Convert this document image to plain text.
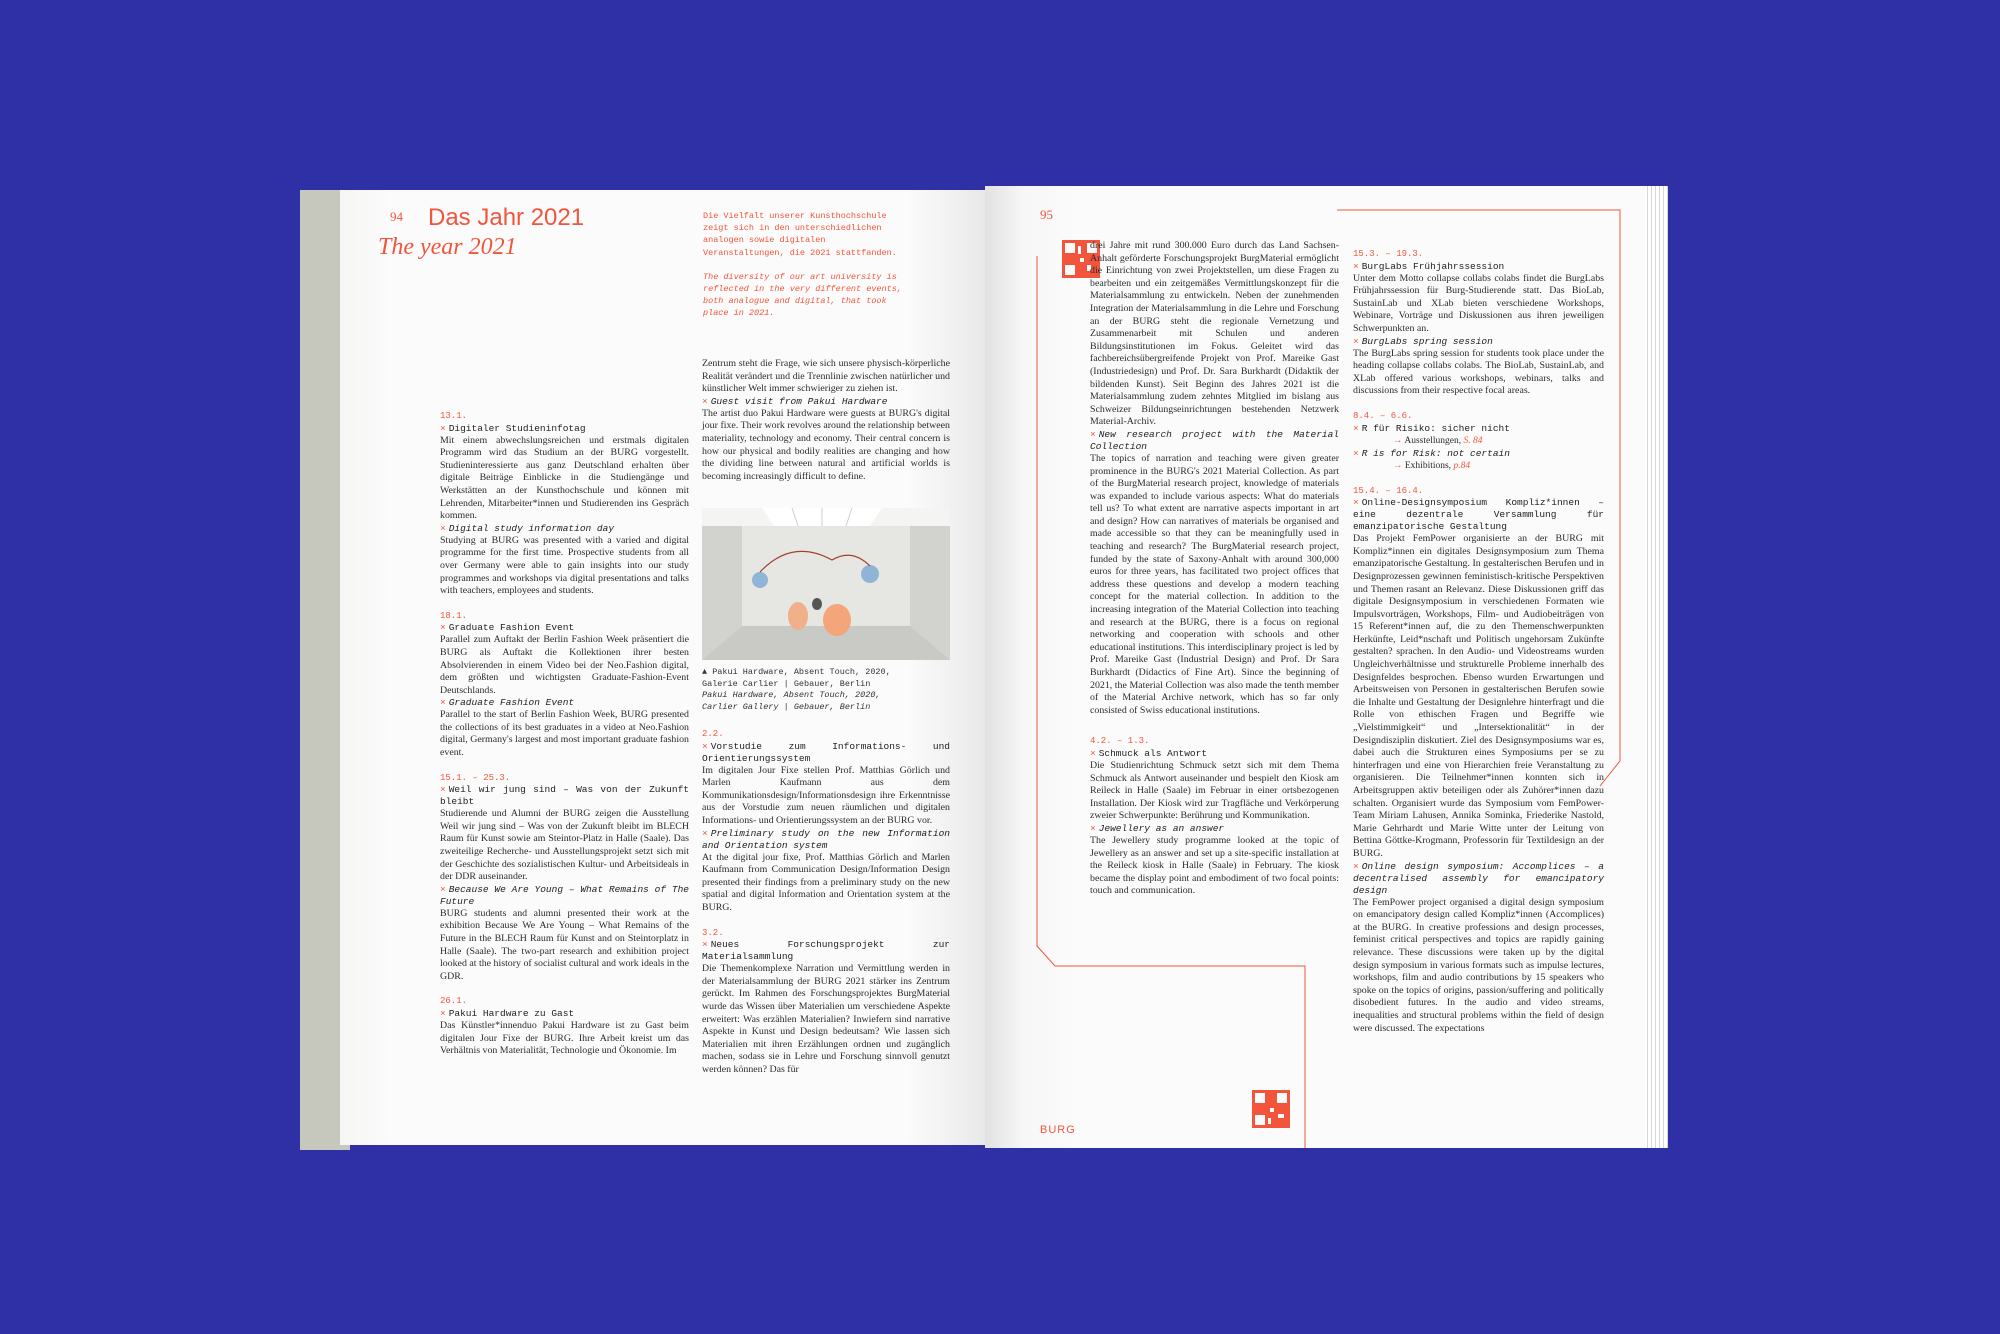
94 Das Jahr 2021
The year 2021

Die Vielfalt unserer Kunsthochschule zeigt sich in den unterschiedlichen analogen sowie digitalen Veranstaltungen, die 2021 stattfanden.

The diversity of our art university is reflected in the very different events, both analogue and digital, that took place in 2021.

13.1.
× Digitaler Studieninfotag
Mit einem abwechslungsreichen und erstmals digitalen Programm wird das Studium an der BURG vorgestellt. Studieninteressierte aus ganz Deutschland erhalten über digitale Beiträge Einblicke in die Studiengänge und Werkstätten an der Kunsthochschule und können mit Lehrenden, Mitarbeiter*innen und Studierenden ins Gespräch kommen.
× Digital study information day
Studying at BURG was presented with a varied and digital programme for the first time. Prospective students from all over Germany were able to gain insights into our study programmes and workshops via digital presentations and talks with teachers, employees and students.
18.1.
× Graduate Fashion Event
Parallel zum Auftakt der Berlin Fashion Week präsentiert die BURG als Auftakt die Kollektionen ihrer besten Absolvierenden in einem Video bei der Neo.Fashion digital, dem größten und wichtigsten Graduate-Fashion-Event Deutschlands.
× Graduate Fashion Event
Parallel to the start of Berlin Fashion Week, BURG presented the collections of its best graduates in a video at Neo.Fashion digital, Germany's largest and most important graduate fashion event.
15.1. – 25.3.
× Weil wir jung sind – Was von der Zukunft bleibt
Studierende und Alumni der BURG zeigen die Ausstellung Weil wir jung sind – Was von der Zukunft bleibt im BLECH Raum für Kunst sowie am Steintor-Platz in Halle (Saale). Das zweiteilige Recherche- und Ausstellungsprojekt setzt sich mit der Geschichte des sozialistischen Kultur- und Arbeitsideals in der DDR auseinander.
× Because We Are Young – What Remains of The Future
BURG students and alumni presented their work at the exhibition Because We Are Young – What Remains of the Future in the BLECH Raum für Kunst and on Steintorplatz in Halle (Saale). The two-part research and exhibition project looked at the history of socialist cultural and work ideals in the GDR.
26.1.
× Pakui Hardware zu Gast
Das Künstler*innenduo Pakui Hardware ist zu Gast beim digitalen Jour Fixe der BURG. Ihre Arbeit kreist um das Verhältnis von Materialität, Technologie und Ökonomie. Im
Zentrum steht die Frage, wie sich unsere physisch-körperliche Realität verändert und die Trennlinie zwischen natürlicher und künstlicher Welt immer schwieriger zu ziehen ist.
× Guest visit from Pakui Hardware
The artist duo Pakui Hardware were guests at BURG's digital jour fixe. Their work revolves around the relationship between materiality, technology and economy. Their central concern is how our physical and bodily realities are changing and how the dividing line between natural and artificial worlds is becoming increasingly difficult to define.
▲ Pakui Hardware, Absent Touch, 2020,
Galerie Carlier | Gebauer, Berlin
Pakui Hardware, Absent Touch, 2020,
Carlier Gallery | Gebauer, Berlin
2.2.
× Vorstudie zum Informations- und Orientierungssystem
Im digitalen Jour Fixe stellen Prof. Matthias Görlich und Marlen Kaufmann aus dem Kommunikationsdesign/Informationsdesign ihre Erkenntnisse aus der Vorstudie zum neuen räumlichen und digitalen Informations- und Orientierungssystem an der BURG vor.
× Preliminary study on the new Information and Orientation system
At the digital jour fixe, Prof. Matthias Görlich and Marlen Kaufmann from Communication Design/Information Design presented their findings from a preliminary study on the new spatial and digital Information and Orientation system at the BURG.
3.2.
× Neues Forschungsprojekt zur Materialsammlung
Die Themenkomplexe Narration und Vermittlung werden in der Materialsammlung der BURG 2021 stärker ins Zentrum gerückt. Im Rahmen des Forschungsprojektes BurgMaterial wurde das Wissen über Materialien um verschiedene Aspekte erweitert: Was erzählen Materialien? Inwiefern sind narrative Aspekte in Kunst und Design bedeutsam? Wie lassen sich Materialien mit ihren Erzählungen ordnen und zugänglich machen, sodass sie in Lehre und Forschung sinnvoll genutzt werden können? Das für
95
BURG
drei Jahre mit rund 300.000 Euro durch das Land Sachsen-Anhalt geförderte Forschungsprojekt BurgMaterial ermöglicht die Einrichtung von zwei Projektstellen, um diese Fragen zu bearbeiten und ein zeitgemäßes Vermittlungskonzept für die Materialsammlung zu entwickeln. Neben der zunehmenden Integration der Materialsammlung in die Lehre und Forschung an der BURG steht die regionale Vernetzung und Zusammenarbeit mit Schulen und anderen Bildungsinstitutionen im Fokus. Geleitet wird das fachbereichsübergreifende Projekt von Prof. Mareike Gast (Industriedesign) und Prof. Dr. Sara Burkhardt (Didaktik der bildenden Kunst). Seit Beginn des Jahres 2021 ist die Materialsammlung zudem zehntes Mitglied im bislang aus Schweizer Bildungseinrichtungen bestehenden Netzwerk Material-Archiv.
× New research project with the Material Collection
The topics of narration and teaching were given greater prominence in the BURG's 2021 Material Collection. As part of the BurgMaterial research project, knowledge of materials was expanded to include various aspects: What do materials tell us? To what extent are narrative aspects important in art and design? How can narratives of materials be organised and made accessible so that they can be meaningfully used in teaching and research? The BurgMaterial research project, funded by the state of Saxony-Anhalt with around 300,000 euros for three years, has facilitated two project offices that address these questions and develop a modern teaching concept for the material collection. In addition to the increasing integration of the Material Collection into teaching and research at the BURG, there is a focus on regional networking and cooperation with schools and other educational institutions. This interdisciplinary project is led by Prof. Mareike Gast (Industrial Design) and Prof. Dr Sara Burkhardt (Didactics of Fine Art). Since the beginning of 2021, the Material Collection was also made the tenth member of the Material Archive network, which has so far only consisted of Swiss educational institutions.
4.2. – 1.3.
× Schmuck als Antwort
Die Studienrichtung Schmuck setzt sich mit dem Thema Schmuck als Antwort auseinander und bespielt den Kiosk am Reileck in Halle (Saale) im Februar in einer ortsbezogenen Installation. Der Kiosk wird zur Tragfläche und Verkörperung zweier Schwerpunkte: Berührung und Kommunikation.
× Jewellery as an answer
The Jewellery study programme looked at the topic of Jewellery as an answer and set up a site-specific installation at the Reileck kiosk in Halle (Saale) in February. The kiosk became the display point and embodiment of two focal points: touch and communication.
15.3. – 19.3.
× BurgLabs Frühjahrssession
Unter dem Motto collapse collabs colabs findet die BurgLabs Frühjahrssession für Burg-Studierende statt. Das BioLab, SustainLab und XLab bieten verschiedene Workshops, Webinare, Vorträge und Diskussionen aus ihren jeweiligen Schwerpunkten an.
× BurgLabs spring session
The BurgLabs spring session for students took place under the heading collapse collabs colabs. The BioLab, SustainLab, and XLab offered various workshops, webinars, talks and discussions from their respective focal areas.
8.4. – 6.6.
× R für Risiko: sicher nicht
→ Ausstellungen, S. 84
× R is for Risk: not certain
→ Exhibitions, p.84
15.4. – 16.4.
× Online-Designsymposium Kompliz*innen – eine dezentrale Versammlung für emanzipatorische Gestaltung
Das Projekt FemPower organisierte an der BURG mit Kompliz*innen ein digitales Designsymposium zum Thema emanzipatorische Gestaltung. In gestalterischen Berufen und in Designprozessen gewinnen feministisch-kritische Perspektiven und Themen rasant an Relevanz. Diese Diskussionen griff das digitale Designsymposium in verschiedenen Formaten wie Impulsvorträgen, Workshops, Film- und Audiobeiträgen von 15 Referent*innen auf, die zu den Themenschwerpunkten Herkünfte, Leid*nschaft und Politisch ungehorsam Zukünfte gestalten? sprachen. In den Audio- und Videostreams wurden Ungleichverhältnisse und strukturelle Probleme innerhalb des Designfeldes besprochen. Ebenso wurden Erwartungen und Arbeitsweisen von Personen in gestalterischen Berufen sowie die Inhalte und Gestaltung der Designlehre hinterfragt und die Rolle von ethischen Fragen und Begriffe wie „Vielstimmigkeit“ und „Intersektionalität“ in der Designdisziplin diskutiert. Ziel des Designsymposiums war es, dabei auch die Strukturen eines Symposiums per se zu hinterfragen und eine von Hierarchien freie Veranstaltung zu organisieren. Die Teilnehmer*innen konnten sich in Arbeitsgruppen aktiv beteiligen oder als Zuhörer*innen dazu schalten. Organisiert wurde das Symposium vom FemPower-Team Miriam Lahusen, Annika Sominka, Friederike Nastold, Marie Gehrhardt und Marie Witte unter der Leitung von Bettina Göttke-Krogmann, Professorin für Textildesign an der BURG.
× Online design symposium: Accomplices – a decentralised assembly for emancipatory design
The FemPower project organised a digital design symposium on emancipatory design called Kompliz*innen (Accomplices) at the BURG. In creative professions and design processes, feminist critical perspectives and topics are rapidly gaining relevance. These discussions were taken up by the digital design symposium in various formats such as impulse lectures, workshops, film and audio contributions by 15 speakers who spoke on the topics of origins, passion/suffering and politically disobedient futures. In the audio and video streams, inequalities and structural problems within the field of design were discussed. The expectations
